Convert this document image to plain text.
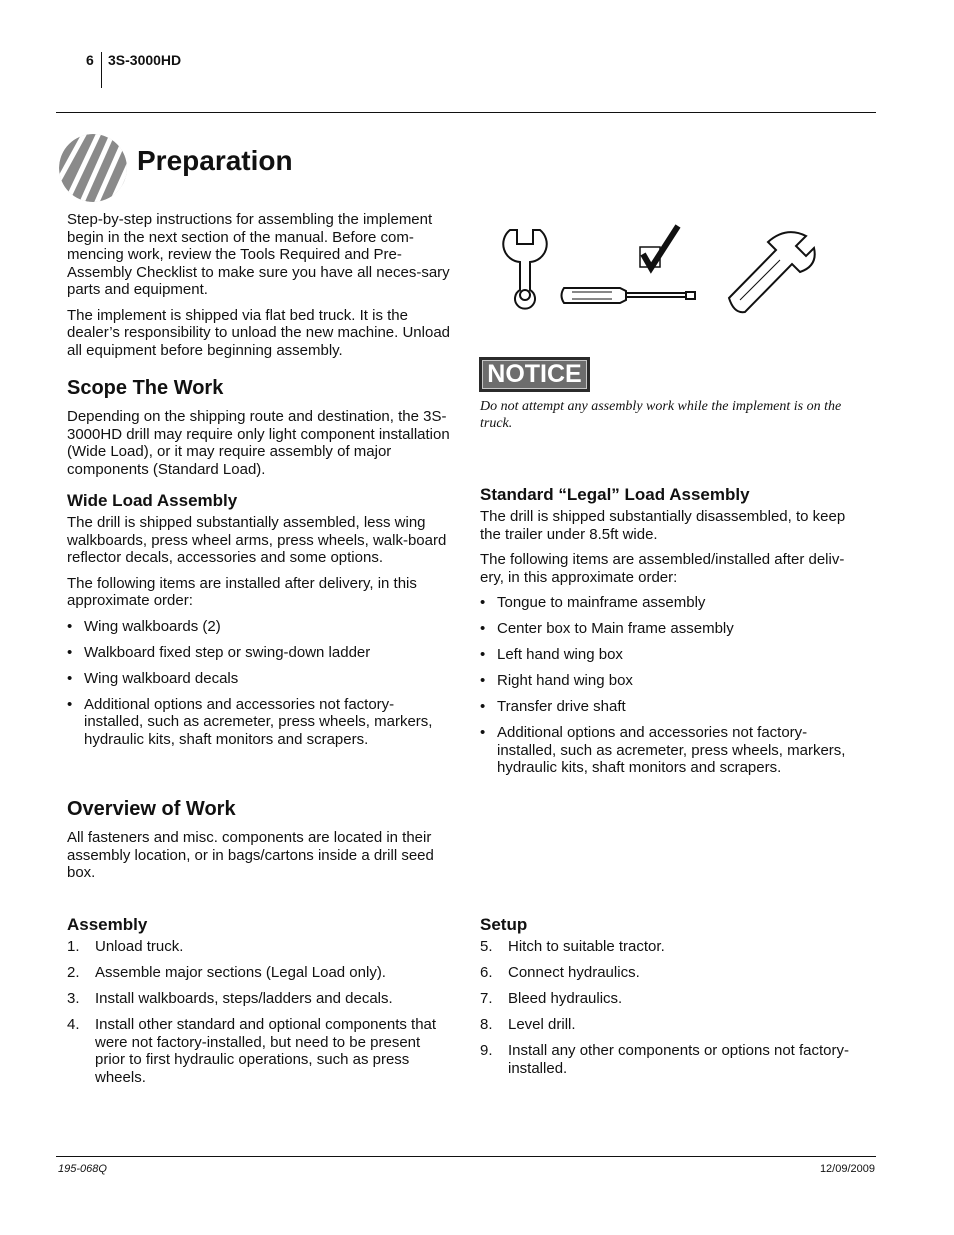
6 3S-3000HD
Preparation

Step-by-step instructions for assembling the implement begin in the next section of the manual. Before com-mencing work, review the Tools Required and Pre-Assembly Checklist to make sure you have all neces-sary parts and equipment.

The implement is shipped via flat bed truck. It is the dealer’s responsibility to unload the new machine. Unload all equipment before beginning assembly.

Scope The Work

Depending on the shipping route and destination, the 3S-3000HD drill may require only light component installation (Wide Load), or it may require assembly of major components (Standard Load).

Wide Load Assembly

The drill is shipped substantially assembled, less wing walkboards, press wheel arms, press wheels, walk-board reflector decals, accessories and some options.

The following items are installed after delivery, in this approximate order:

• Wing walkboards (2)
• Walkboard fixed step or swing-down ladder
• Wing walkboard decals
• Additional options and accessories not factory-installed, such as acremeter, press wheels, markers, hydraulic kits, shaft monitors and scrapers.
NOTICE
Do not attempt any assembly work while the implement is on the truck.
Standard “Legal” Load Assembly

The drill is shipped substantially disassembled, to keep the trailer under 8.5ft wide.

The following items are assembled/installed after deliv-ery, in this approximate order:

• Tongue to mainframe assembly
• Center box to Main frame assembly
• Left hand wing box
• Right hand wing box
• Transfer drive shaft
• Additional options and accessories not factory-installed, such as acremeter, press wheels, markers, hydraulic kits, shaft monitors and scrapers.
Overview of Work

All fasteners and misc. components are located in their assembly location, or in bags/cartons inside a drill seed box.

Assembly
1. Unload truck.
2. Assemble major sections (Legal Load only).
3. Install walkboards, steps/ladders and decals.
4. Install other standard and optional components that were not factory-installed, but need to be present prior to first hydraulic operations, such as press wheels.
Setup
5. Hitch to suitable tractor.
6. Connect hydraulics.
7. Bleed hydraulics.
8. Level drill.
9. Install any other components or options not factory-installed.
195-068Q	12/09/2009
